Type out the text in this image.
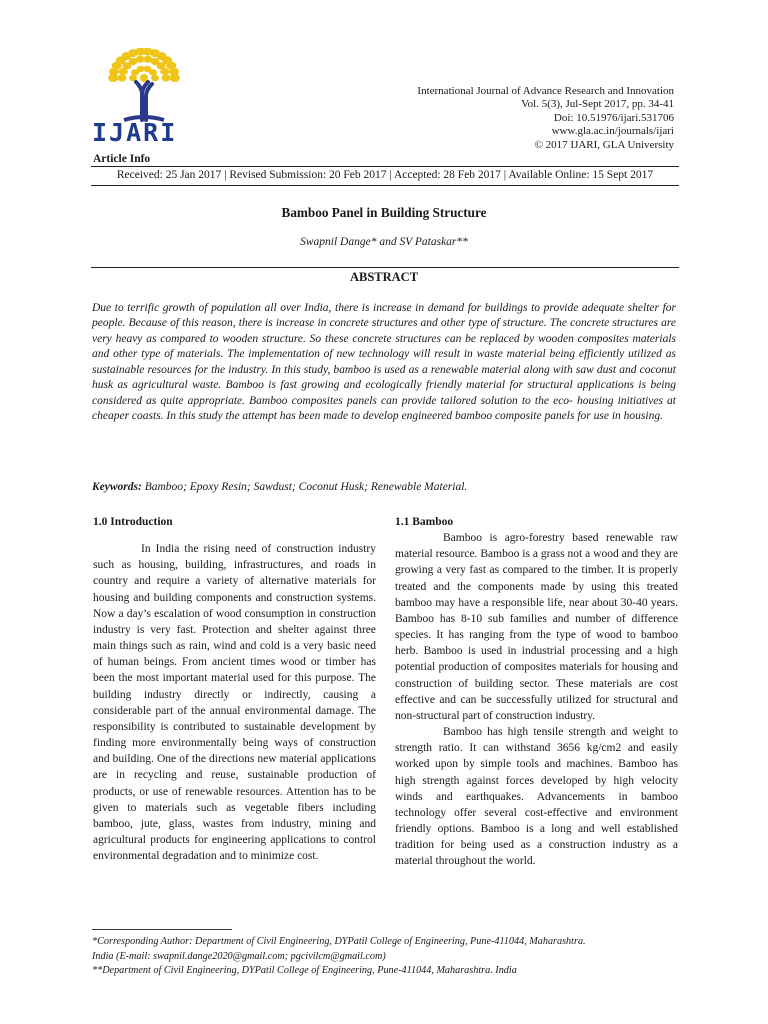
IJARI
International Journal of Advance Research and Innovation
Vol. 5(3), Jul-Sept 2017, pp. 34-41
Doi: 10.51976/ijari.531706
www.gla.ac.in/journals/ijari
© 2017 IJARI, GLA University
Article Info
Received: 25 Jan 2017 | Revised Submission: 20 Feb 2017 | Accepted: 28 Feb 2017 | Available Online: 15 Sept 2017
Bamboo Panel in Building Structure
Swapnil Dange* and SV Pataskar**
ABSTRACT

Due to terrific growth of population all over India, there is increase in demand for buildings to provide adequate shelter for people. Because of this reason, there is increase in concrete structures and other type of structure. The concrete structures are very heavy as compared to wooden structure. So these concrete structures can be replaced by wooden composites materials and other type of materials. The implementation of new technology will result in waste material being efficiently utilized as sustainable resources for the industry. In this study, bamboo is used as a renewable material along with saw dust and coconut husk as agricultural waste. Bamboo is fast growing and ecologically friendly material for structural applications is being considered as quite appropriate. Bamboo composites panels can provide tailored solution to the eco- housing initiatives at cheaper coasts. In this study the attempt has been made to develop engineered bamboo composite panels for use in housing.

Keywords: Bamboo; Epoxy Resin; Sawdust; Coconut Husk; Renewable Material.
1.0 Introduction

In India the rising need of construction industry such as housing, building, infrastructures, and roads in country and require a variety of alternative materials for housing and building components and construction systems. Now a day’s escalation of wood consumption in construction industry is very fast. Protection and shelter against three main things such as rain, wind and cold is a very basic need of human beings. From ancient times wood or timber has been the most important material used for this purpose. The building industry directly or indirectly, causing a considerable part of the annual environmental damage. The responsibility is contributed to sustainable development by finding more environmentally being ways of construction and building. One of the directions new material applications are in recycling and reuse, sustainable production of products, or use of renewable resources. Attention has to be given to materials such as vegetable fibers including bamboo, jute, glass, wastes from industry, mining and agricultural products for engineering applications to control environmental degradation and to minimize cost.

1.1 Bamboo

Bamboo is agro-forestry based renewable raw material resource. Bamboo is a grass not a wood and they are growing a very fast as compared to the timber. It is properly treated and the components made by using this treated bamboo may have a responsible life, near about 30-40 years. Bamboo has 8-10 sub families and number of difference species. It has ranging from the type of wood to bamboo herb. Bamboo is used in industrial processing and a high potential production of composites materials for housing and construction of building sector. These materials are cost effective and can be successfully utilized for structural and non-structural part of construction industry.

Bamboo has high tensile strength and weight to strength ratio. It can withstand 3656 kg/cm2 and easily worked upon by simple tools and machines. Bamboo has high strength against forces developed by high velocity winds and earthquakes. Advancements in bamboo technology offer several cost-effective and environment friendly options. Bamboo is a long and well established tradition for being used as a construction industry as a material throughout the world.

*Corresponding Author: Department of Civil Engineering, DYPatil College of Engineering, Pune-411044, Maharashtra.
India (E-mail: swapnil.dange2020@gmail.com; pgcivilcm@gmail.com)
**Department of Civil Engineering, DYPatil College of Engineering, Pune-411044, Maharashtra. India
